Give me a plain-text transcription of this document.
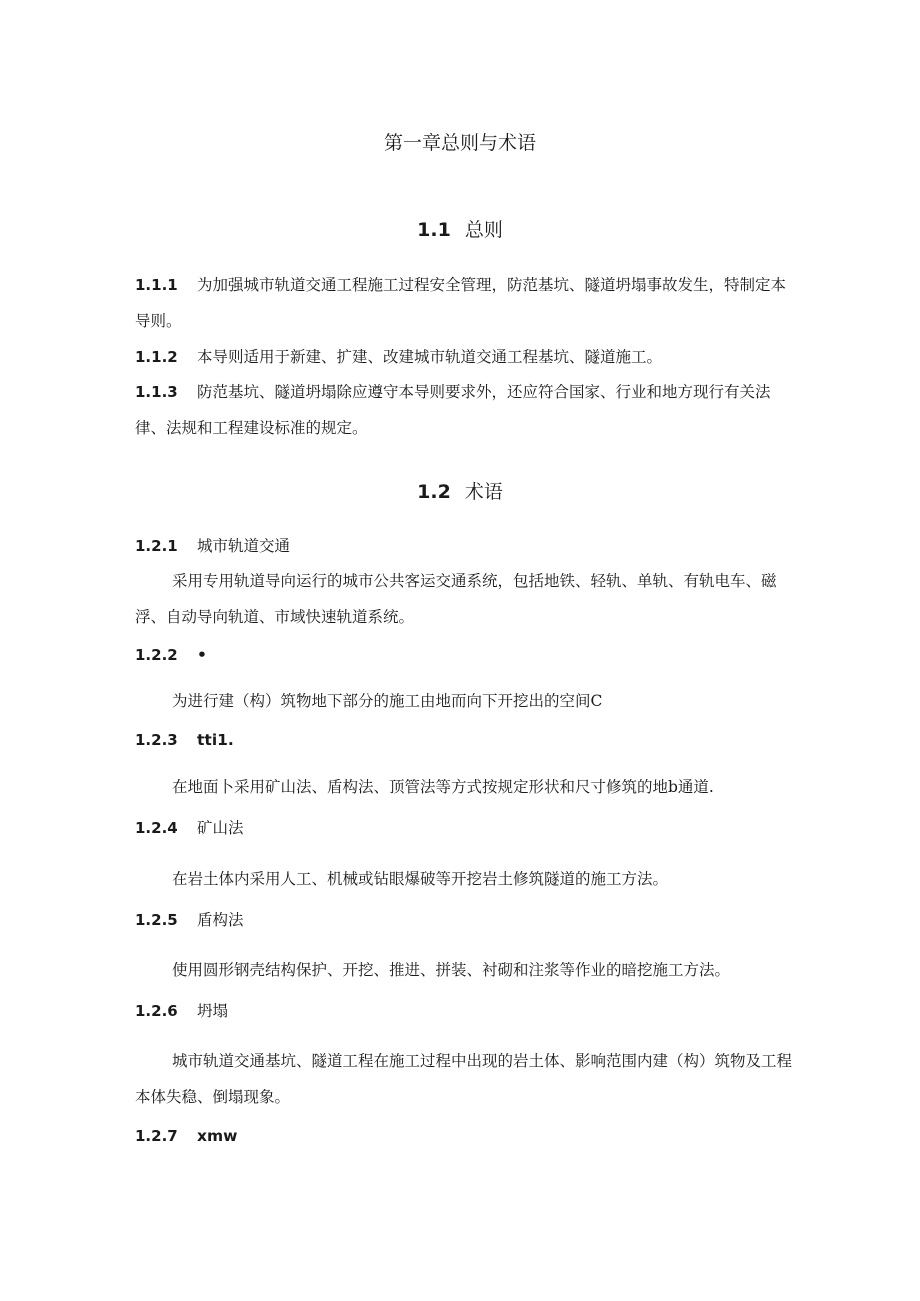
第一章总则与术语
1.1 总则

1.1.1 为加强城市轨道交通工程施工过程安全管理，防范基坑、隧道坍塌事故发生，特制定本导则。

1.1.2 本导则适用于新建、扩建、改建城市轨道交通工程基坑、隧道施工。

1.1.3 防范基坑、隧道坍塌除应遵守本导则要求外，还应符合国家、行业和地方现行有关法律、法规和工程建设标准的规定。

1.2 术语

1.2.1 城市轨道交通

采用专用轨道导向运行的城市公共客运交通系统，包括地铁、轻轨、单轨、有轨电车、磁浮、自动导向轨道、市域快速轨道系统。

1.2.2 •

为进行建（构）筑物地下部分的施工由地而向下开挖出的空间C

1.2.3 tti1.

在地面卜采用矿山法、盾构法、顶管法等方式按规定形状和尺寸修筑的地b通道.

1.2.4 矿山法

在岩土体内采用人工、机械或钻眼爆破等开挖岩土修筑隧道的施工方法。

1.2.5 盾构法

使用圆形钢壳结构保护、开挖、推进、拼装、衬砌和注浆等作业的暗挖施工方法。

1.2.6 坍塌

城市轨道交通基坑、隧道工程在施工过程中出现的岩土体、影响范围内建（构）筑物及工程本体失稳、倒塌现象。

1.2.7 xmw
